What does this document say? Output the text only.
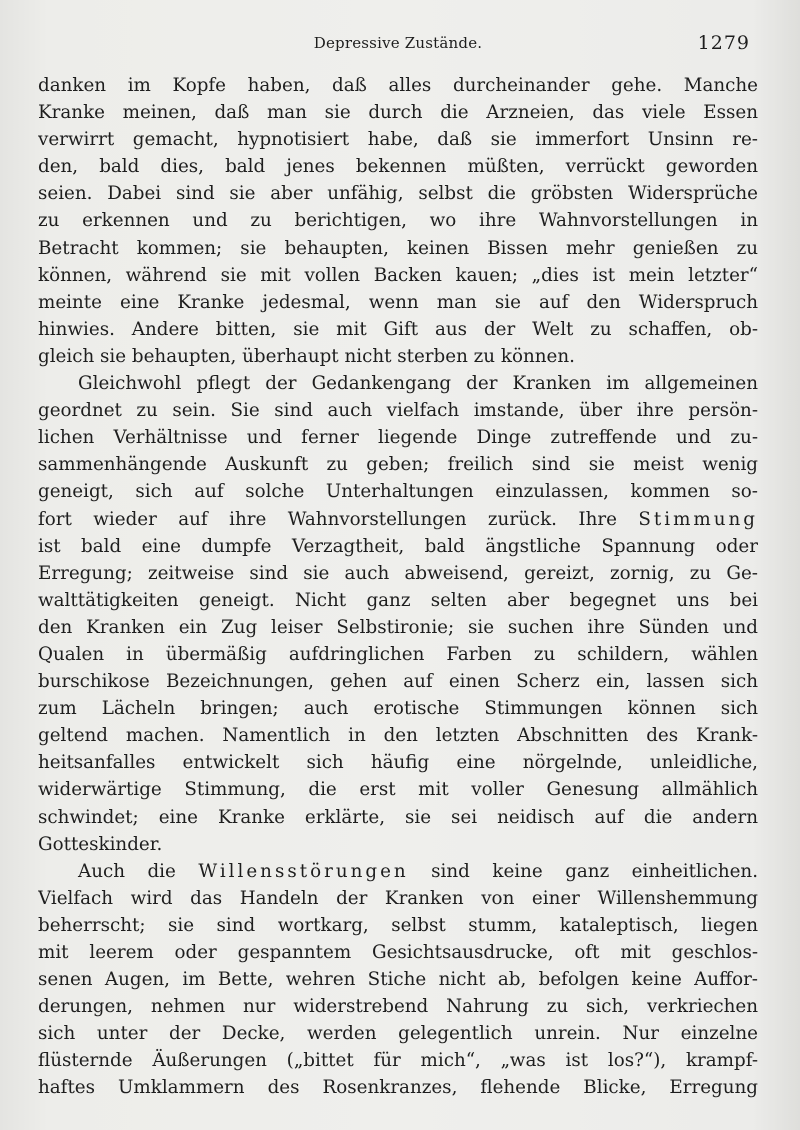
Depressive Zustände.	1279
danken im Kopfe haben, daß alles durcheinander gehe. Manche
Kranke meinen, daß man sie durch die Arzneien, das viele Essen
verwirrt gemacht, hypnotisiert habe, daß sie immerfort Unsinn re-
den, bald dies, bald jenes bekennen müßten, verrückt geworden
seien. Dabei sind sie aber unfähig, selbst die gröbsten Widersprüche
zu erkennen und zu berichtigen, wo ihre Wahnvorstellungen in
Betracht kommen; sie behaupten, keinen Bissen mehr genießen zu
können, während sie mit vollen Backen kauen; „dies ist mein letzter“
meinte eine Kranke jedesmal, wenn man sie auf den Widerspruch
hinwies. Andere bitten, sie mit Gift aus der Welt zu schaffen, ob-
gleich sie behaupten, überhaupt nicht sterben zu können.
Gleichwohl pflegt der Gedankengang der Kranken im allgemeinen
geordnet zu sein. Sie sind auch vielfach imstande, über ihre persön-
lichen Verhältnisse und ferner liegende Dinge zutreffende und zu-
sammenhängende Auskunft zu geben; freilich sind sie meist wenig
geneigt, sich auf solche Unterhaltungen einzulassen, kommen so-
fort wieder auf ihre Wahnvorstellungen zurück. Ihre Stimmung
ist bald eine dumpfe Verzagtheit, bald ängstliche Spannung oder
Erregung; zeitweise sind sie auch abweisend, gereizt, zornig, zu Ge-
walttätigkeiten geneigt. Nicht ganz selten aber begegnet uns bei
den Kranken ein Zug leiser Selbstironie; sie suchen ihre Sünden und
Qualen in übermäßig aufdringlichen Farben zu schildern, wählen
burschikose Bezeichnungen, gehen auf einen Scherz ein, lassen sich
zum Lächeln bringen; auch erotische Stimmungen können sich
geltend machen. Namentlich in den letzten Abschnitten des Krank-
heitsanfalles entwickelt sich häufig eine nörgelnde, unleidliche,
widerwärtige Stimmung, die erst mit voller Genesung allmählich
schwindet; eine Kranke erklärte, sie sei neidisch auf die andern
Gotteskinder.
Auch die Willensstörungen sind keine ganz einheitlichen.
Vielfach wird das Handeln der Kranken von einer Willenshemmung
beherrscht; sie sind wortkarg, selbst stumm, kataleptisch, liegen
mit leerem oder gespanntem Gesichtsausdrucke, oft mit geschlos-
senen Augen, im Bette, wehren Stiche nicht ab, befolgen keine Auffor-
derungen, nehmen nur widerstrebend Nahrung zu sich, verkriechen
sich unter der Decke, werden gelegentlich unrein. Nur einzelne
flüsternde Äußerungen („bittet für mich“, „was ist los?“), krampf-
haftes Umklammern des Rosenkranzes, flehende Blicke, Erregung
